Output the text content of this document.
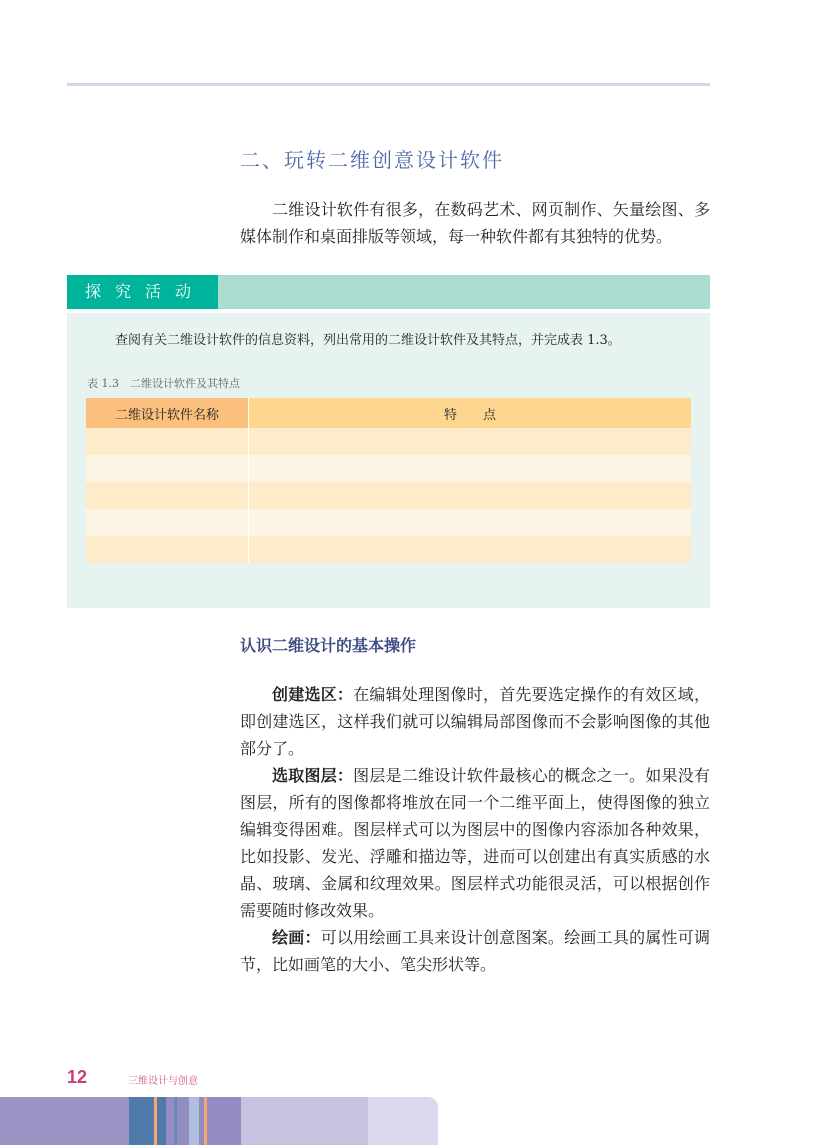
二、玩转二维创意设计软件
二维设计软件有很多，在数码艺术、网页制作、矢量绘图、多媒体制作和桌面排版等领域，每一种软件都有其独特的优势。
探究活动
查阅有关二维设计软件的信息资料，列出常用的二维设计软件及其特点，并完成表 1.3。
表 1.3　二维设计软件及其特点
二维设计软件名称	特　　点

认识二维设计的基本操作

创建选区：在编辑处理图像时，首先要选定操作的有效区域，即创建选区，这样我们就可以编辑局部图像而不会影响图像的其他部分了。

选取图层：图层是二维设计软件最核心的概念之一。如果没有图层，所有的图像都将堆放在同一个二维平面上，使得图像的独立编辑变得困难。图层样式可以为图层中的图像内容添加各种效果，比如投影、发光、浮雕和描边等，进而可以创建出有真实质感的水晶、玻璃、金属和纹理效果。图层样式功能很灵活，可以根据创作需要随时修改效果。

绘画：可以用绘画工具来设计创意图案。绘画工具的属性可调节，比如画笔的大小、笔尖形状等。

12	三维设计与创意
